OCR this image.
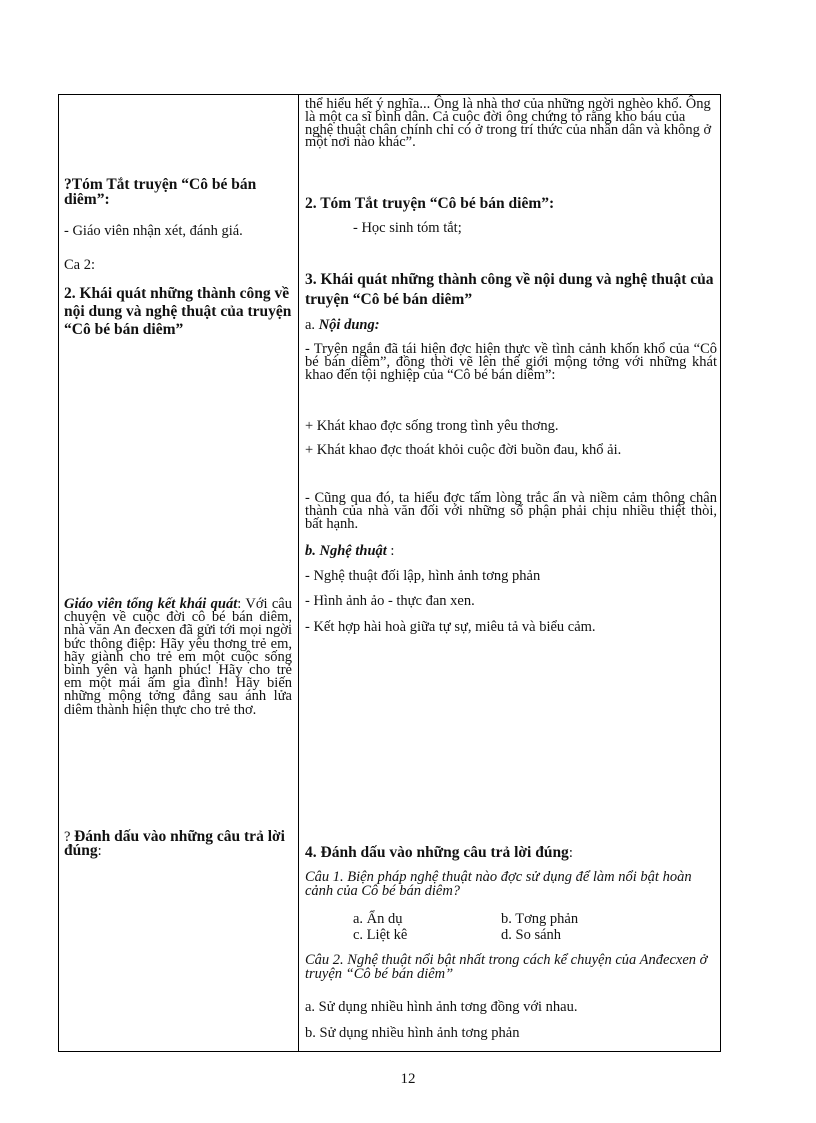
?Tóm Tắt truyện “Cô bé bán diêm”:
- Giáo viên nhận xét, đánh giá.
Ca 2:
2. Khái quát những thành công về nội dung và nghệ thuật của truyện “Cô bé bán diêm”
Giáo viên tổng kết khái quát: Với câu chuyện về cuộc đời cô bé bán diêm, nhà văn An đecxen đã gửi tới mọi ngời bức thông điệp: Hãy yêu thơng trẻ em, hãy giành cho trẻ em một cuộc sống bình yên và hạnh phúc! Hãy cho trẻ em một mái ấm gia đình! Hãy biến những mộng tởng đẳng sau ánh lửa diêm thành hiện thực cho trẻ thơ.
? Đánh dấu vào những câu trả lời đúng:
thể hiểu hết ý nghĩa... Ông là nhà thơ của những ngời nghèo khổ. Ông là một ca sĩ bình dân. Cả cuộc đời ông chứng tỏ rằng kho báu của nghệ thuật chân chính chỉ có ở trong trí thức của nhân dân và không ở một nơi nào khác”.
2. Tóm Tắt truyện “Cô bé bán diêm”:
- Học sinh tóm tắt;
3. Khái quát những thành công về nội dung và nghệ thuật của truyện “Cô bé bán diêm”
a. Nội dung:
- Tryện ngắn đã tái hiện đợc hiện thực về tình cảnh khốn khổ của “Cô bé bán diêm”, đồng thời vẽ lên thế giới mộng tởng với những khát khao đến tội nghiệp của “Cô bé bán diêm”:
+ Khát khao đợc sống trong tình yêu thơng.
+ Khát khao đợc thoát khỏi cuộc đời buồn đau, khổ ải.
- Cũng qua đó, ta hiểu đợc tấm lòng trắc ẩn và niềm cảm thông chân thành của nhà văn đối với những số phận phải chịu nhiều thiệt thòi, bất hạnh.
b. Nghệ thuật :
- Nghệ thuật đối lập, hình ảnh tơng phản
- Hình ảnh ảo - thực đan xen.
- Kết hợp hài hoà giữa tự sự, miêu tả và biểu cảm.
4. Đánh dấu vào những câu trả lời đúng:
Câu 1. Biện pháp nghệ thuật nào đợc sử dụng để làm nổi bật hoàn cảnh của Cô bé bán diêm?
a. Ẩn dụ	b. Tơng phản
c. Liệt kê	d. So sánh
Câu 2. Nghệ thuật nổi bật nhất trong cách kể chuyện của Anđecxen ở truyện “Cô bé bán diêm”
a. Sử dụng nhiều hình ảnh tơng đồng với nhau.
b. Sử dụng nhiều hình ảnh tơng phản
12
